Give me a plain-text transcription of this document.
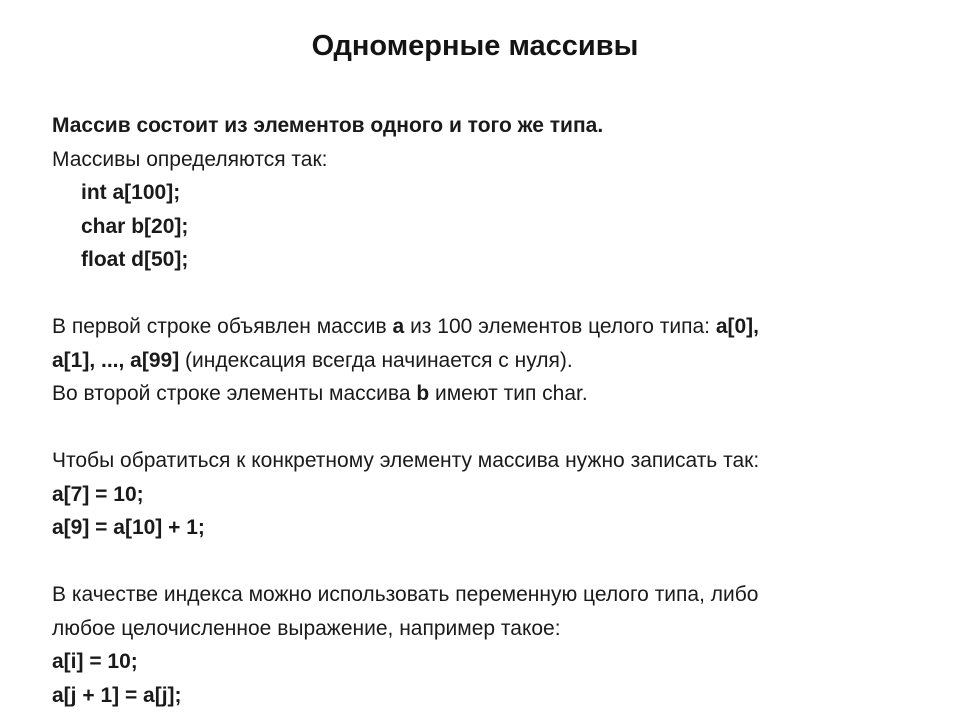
Одномерные массивы
Массив состоит из элементов одного и того же типа.
Массивы определяются так:
int a[100];
char b[20];
float d[50];
В первой строке объявлен массив a из 100 элементов целого типа: a[0],
a[1], ..., a[99] (индексация всегда начинается с нуля).
Во второй строке элементы массива b имеют тип char.
Чтобы обратиться к конкретному элементу массива нужно записать так:
a[7] = 10;
a[9] = a[10] + 1;
В качестве индекса можно использовать переменную целого типа, либо
любое целочисленное выражение, например такое:
a[i] = 10;
a[j + 1] = a[j];
